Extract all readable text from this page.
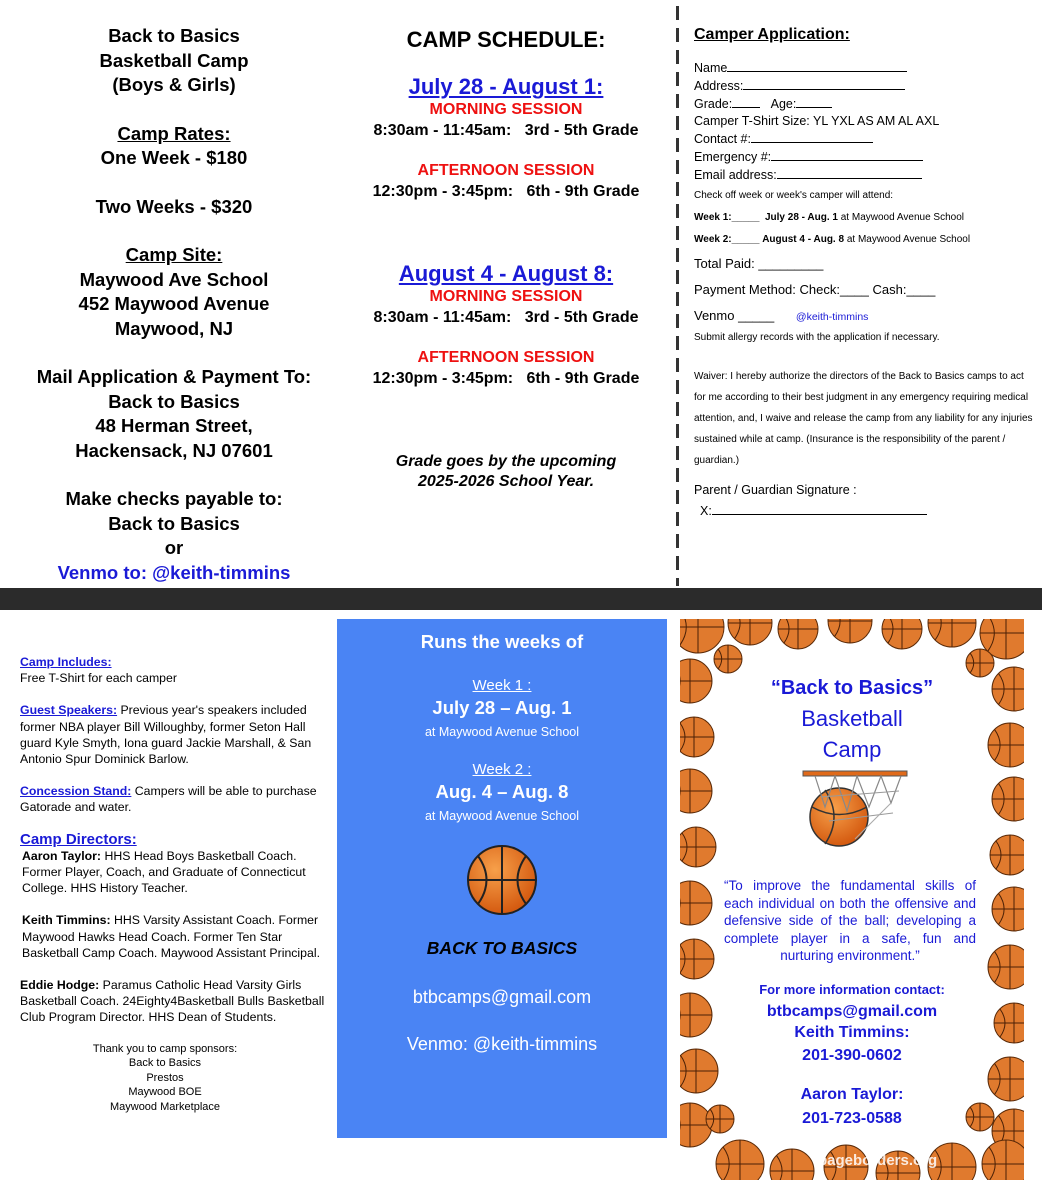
Back to Basics
Basketball Camp
(Boys & Girls)
Camp Rates:
One Week - $180
Two Weeks - $320
Camp Site:
Maywood Ave School
452 Maywood Avenue
Maywood, NJ
Mail Application & Payment To:
Back to Basics
48 Herman Street,
Hackensack, NJ 07601
Make checks payable to:
Back to Basics
or
Venmo to: @keith-timmins
CAMP SCHEDULE:
July 28 - August 1:
MORNING SESSION
8:30am - 11:45am:   3rd - 5th Grade
AFTERNOON SESSION
12:30pm - 3:45pm:   6th - 9th Grade
August 4 - August 8:
MORNING SESSION
8:30am - 11:45am:   3rd - 5th Grade
AFTERNOON SESSION
12:30pm - 3:45pm:   6th - 9th Grade
Grade goes by the upcoming
2025-2026 School Year.
Camper Application:
Name
Address:
Grade:	Age:
Camper T-Shirt Size: YL YXL AS AM AL AXL
Contact #:
Emergency #:
Email address:
Check off week or week's camper will attend:
Week 1:_____ July 28 - Aug. 1 at Maywood Avenue School
Week 2:_____ August 4 - Aug. 8 at Maywood Avenue School
Total Paid: _________
Payment Method: Check:____ Cash:____
Venmo _____ @keith-timmins
Submit allergy records with the application if necessary.
Waiver: I hereby authorize the directors of the Back to Basics camps to act for me according to their best judgment in any emergency requiring medical attention, and, I waive and release the camp from any liability for any injuries sustained while at camp. (Insurance is the responsibility of the parent / guardian.)
Parent / Guardian Signature :
X:
Camp Includes:
Free T-Shirt for each camper
Guest Speakers: Previous year's speakers included former NBA player Bill Willoughby, former Seton Hall guard Kyle Smyth, Iona guard Jackie Marshall, & San Antonio Spur Dominick Barlow.
Concession Stand: Campers will be able to purchase Gatorade and water.
Camp Directors:
Aaron Taylor: HHS Head Boys Basketball Coach. Former Player, Coach, and Graduate of Connecticut College. HHS History Teacher.
Keith Timmins: HHS Varsity Assistant Coach. Former Maywood Hawks Head Coach. Former Ten Star Basketball Camp Coach. Maywood Assistant Principal.
Eddie Hodge: Paramus Catholic Head Varsity Girls Basketball Coach. 24Eighty4Basketball Bulls Basketball Club Program Director. HHS Dean of Students.
Thank you to camp sponsors:
Back to Basics
Prestos
Maywood BOE
Maywood Marketplace
Runs the weeks of
Week 1 :
July 28 – Aug. 1
at Maywood Avenue School
Week 2 :
Aug. 4 – Aug. 8
at Maywood Avenue School
BACK TO BASICS
btbcamps@gmail.com
Venmo: @keith-timmins
“Back to Basics”
Basketball
Camp
“To improve the fundamental skills of each individual on both the offensive and defensive side of the ball; developing a complete player in a safe, fun and nurturing environment.”
For more information contact:
btbcamps@gmail.com
Keith Timmins:
201-390-0602
Aaron Taylor:
201-723-0588
pageborders.org
